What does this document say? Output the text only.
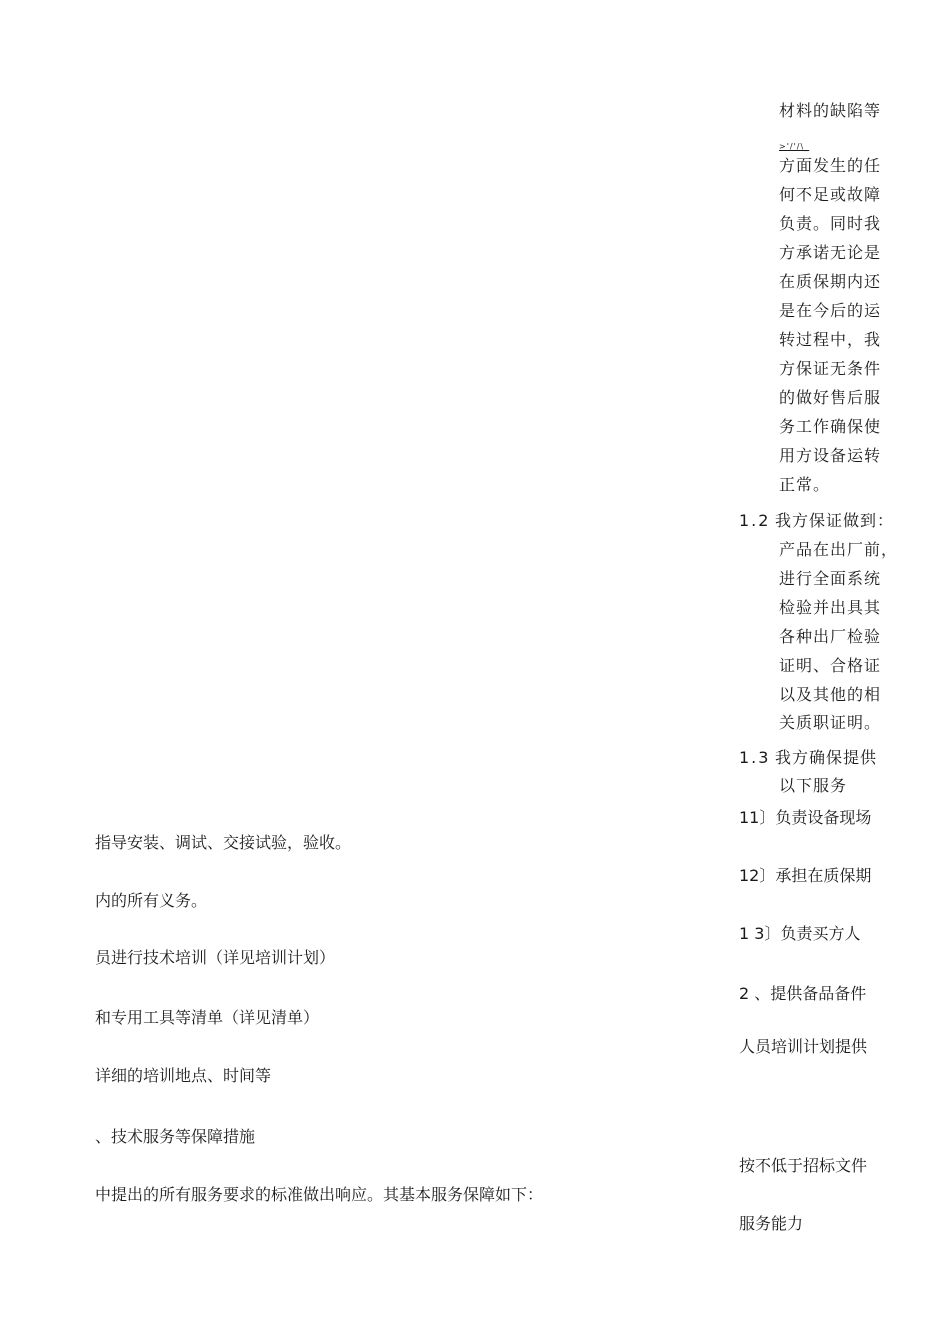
材料的缺陷等
>'/'/\_
方面发生的任
何不足或故障
负责。同时我
方承诺无论是
在质保期内还
是在今后的运
转过程中，我
方保证无条件
的做好售后服
务工作确保使
用方设备运转
正常。
1.2 我方保证做到：
产品在出厂前，
进行全面系统
检验并出具其
各种出厂检验
证明、合格证
以及其他的相
关质职证明。
1.3 我方确保提供
以下服务
11〕负责设备现场
12〕承担在质保期
1 3〕负责买方人
2 、提供备品备件
人员培训计划提供
按不低于招标文件
服务能力
指导安装、调试、交接试验，验收。
内的所有义务。
员进行技术培训（详见培训计划）
和专用工具等清单（详见清单）
详细的培训地点、时间等
、技术服务等保障措施
中提出的所有服务要求的标准做出响应。其基本服务保障如下：
